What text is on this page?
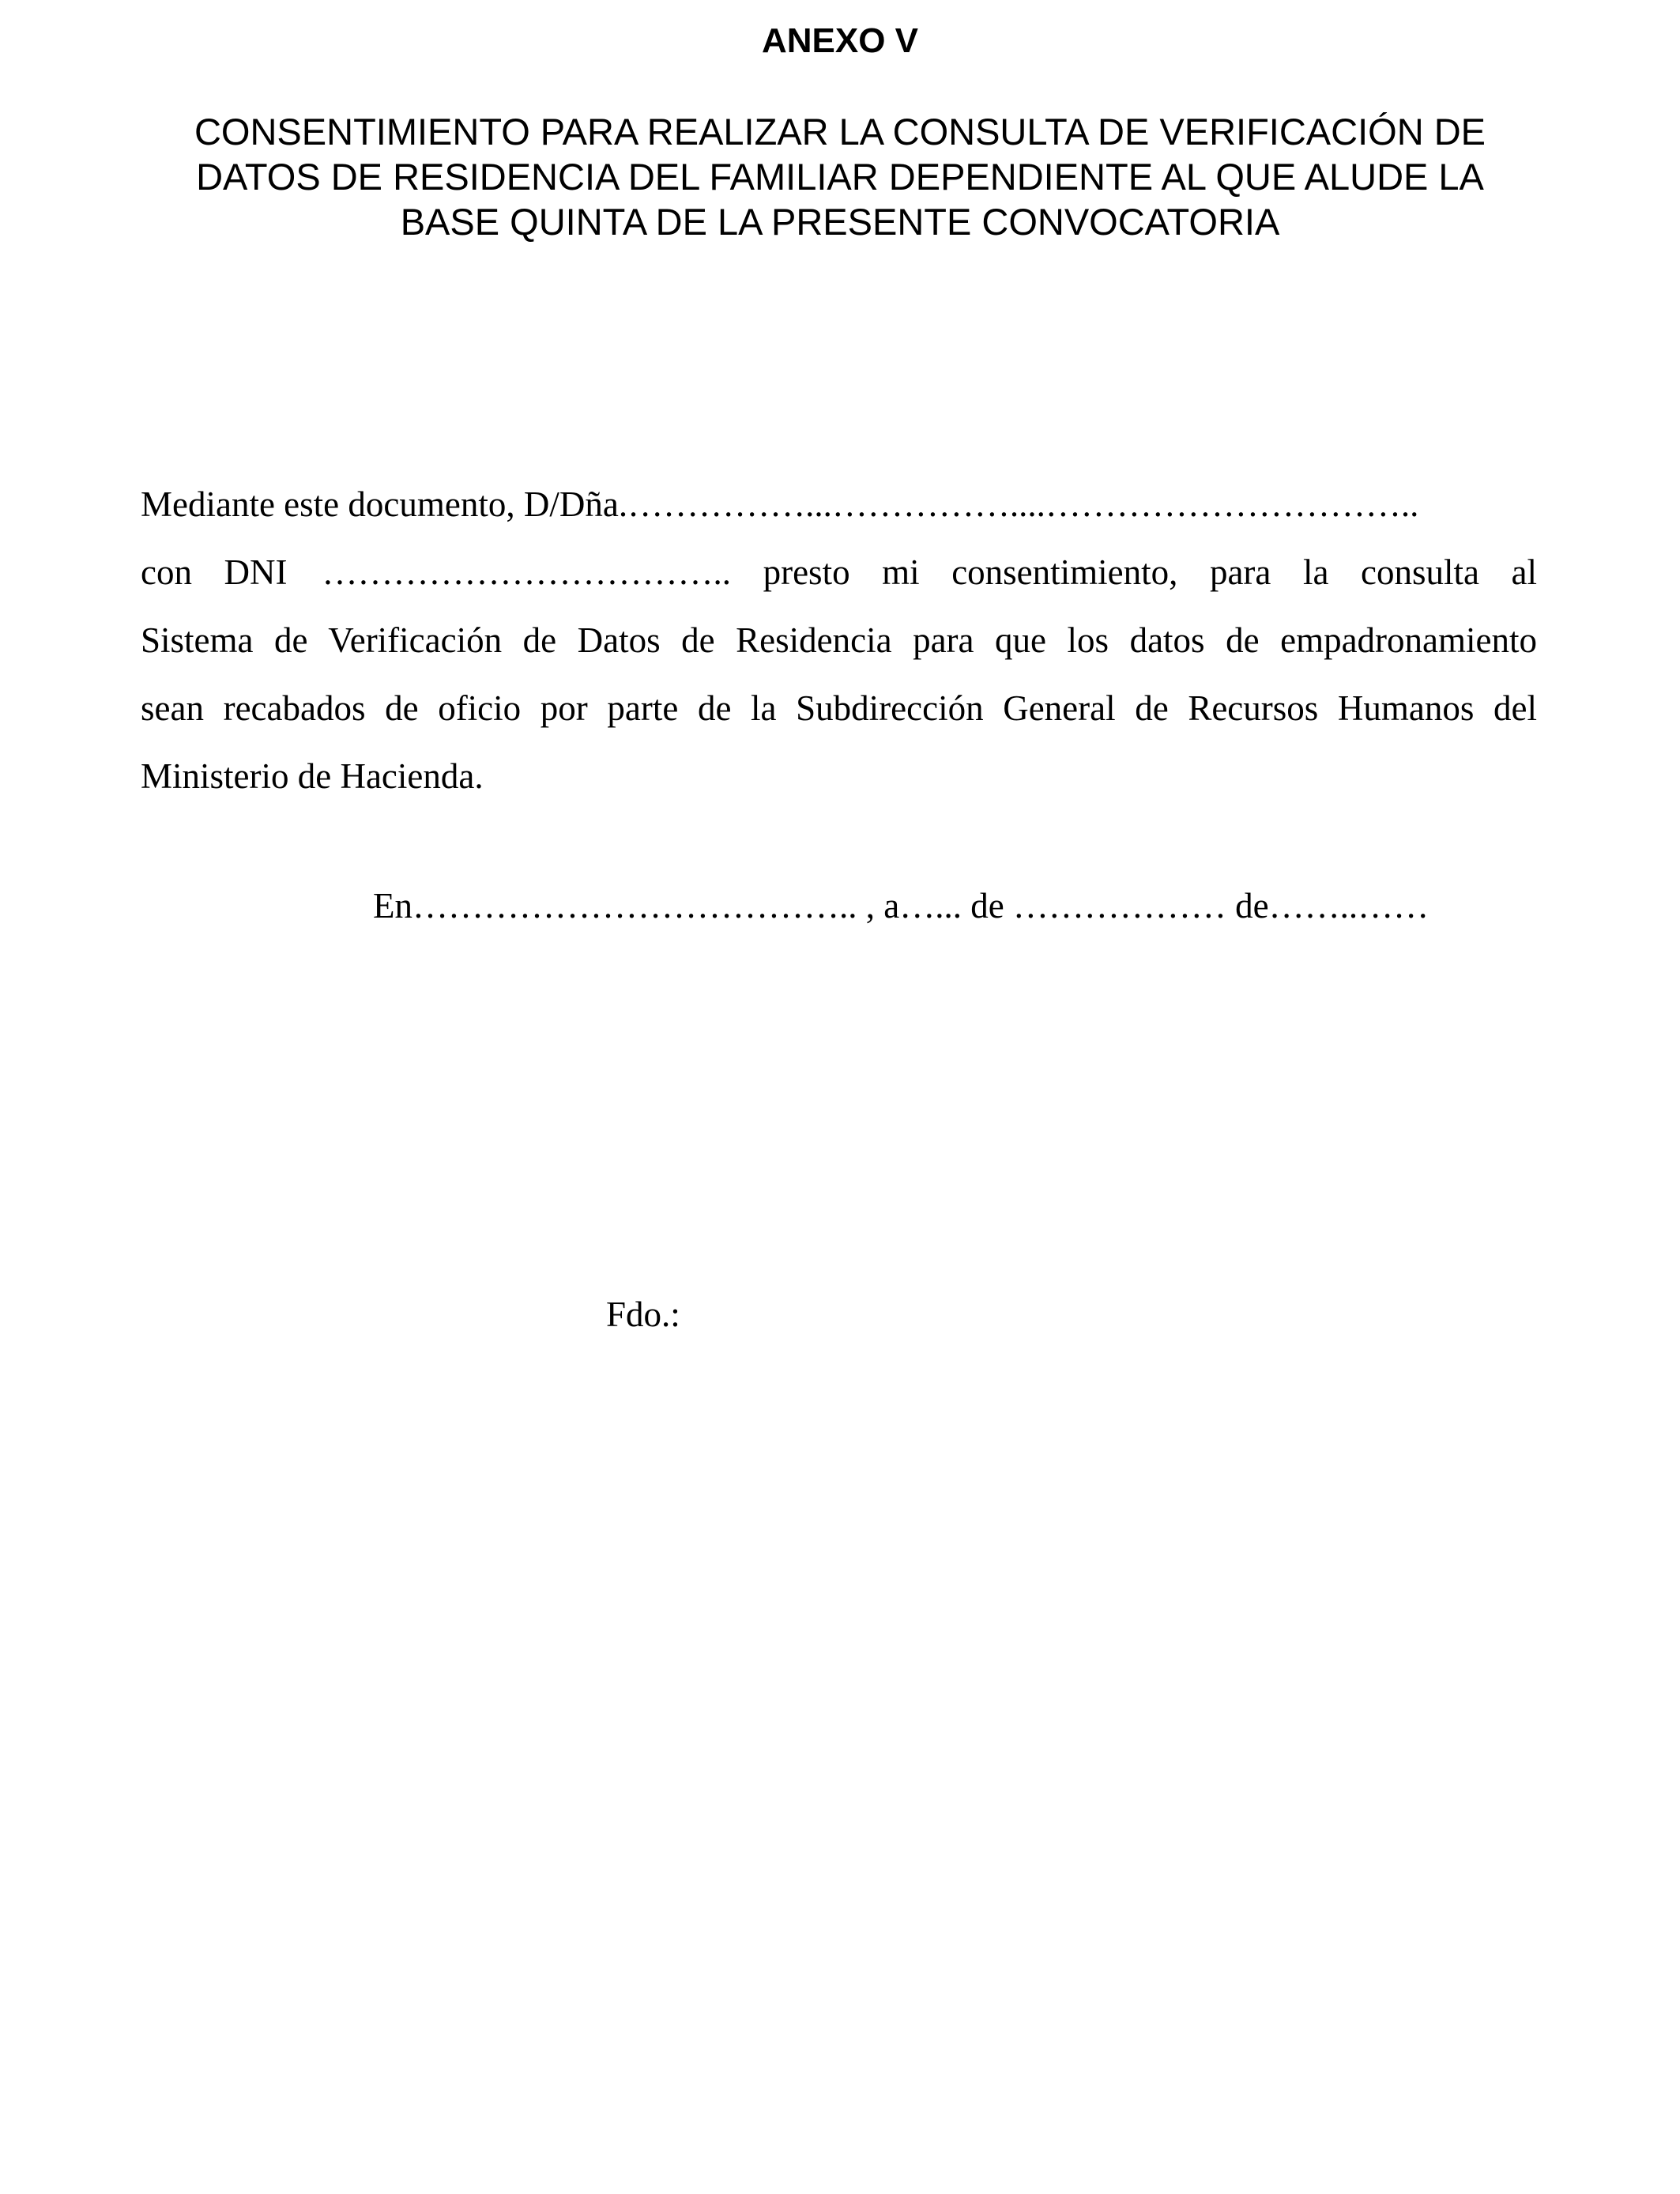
ANEXO V
CONSENTIMIENTO PARA REALIZAR LA CONSULTA DE VERIFICACIÓN DE
DATOS DE RESIDENCIA DEL FAMILIAR DEPENDIENTE AL QUE ALUDE LA
BASE QUINTA DE LA PRESENTE CONVOCATORIA
Mediante este documento, D/Dña.……………...……………....…………………………..
con DNI …………………………….. presto mi consentimiento, para la consulta al
Sistema de Verificación de Datos de Residencia para que los datos de empadronamiento
sean recabados de oficio por parte de la Subdirección General de Recursos Humanos del
Ministerio de Hacienda.
En……………………………….. , a…... de ……………… de……..……
Fdo.:
